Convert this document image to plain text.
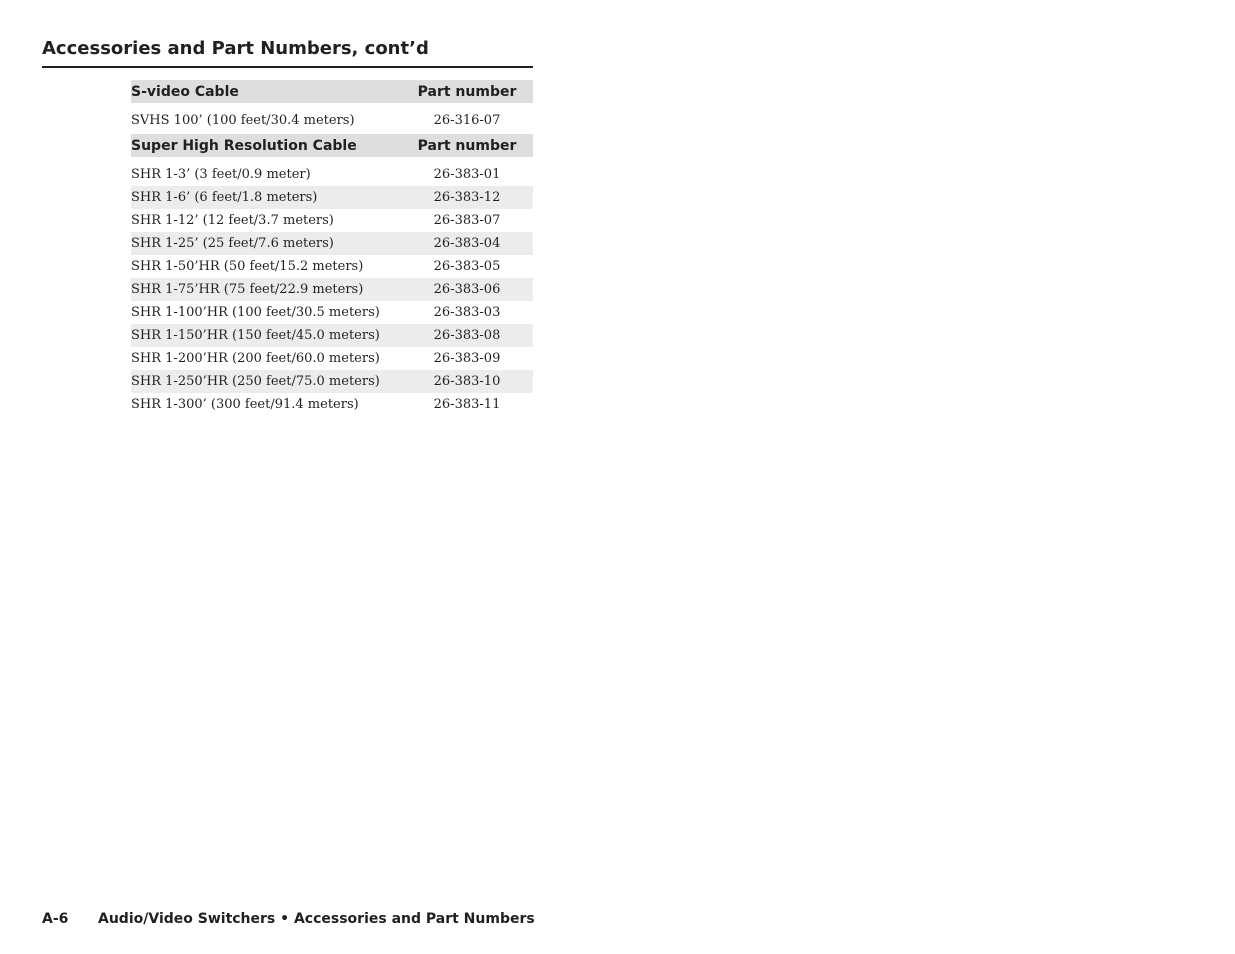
Accessories and Part Numbers, cont’d
S-video Cable	Part number
SVHS 100’ (100 feet/30.4 meters)	26-316-07
Super High Resolution Cable	Part number
SHR 1-3’ (3 feet/0.9 meter)	26-383-01
SHR 1-6’ (6 feet/1.8 meters)	26-383-12
SHR 1-12’ (12 feet/3.7 meters)	26-383-07
SHR 1-25’ (25 feet/7.6 meters)	26-383-04
SHR 1-50’HR (50 feet/15.2 meters)	26-383-05
SHR 1-75’HR (75 feet/22.9 meters)	26-383-06
SHR 1-100’HR (100 feet/30.5 meters)	26-383-03
SHR 1-150’HR (150 feet/45.0 meters)	26-383-08
SHR 1-200’HR (200 feet/60.0 meters)	26-383-09
SHR 1-250’HR (250 feet/75.0 meters)	26-383-10
SHR 1-300’ (300 feet/91.4 meters)	26-383-11
A-6	Audio/Video Switchers • Accessories and Part Numbers
